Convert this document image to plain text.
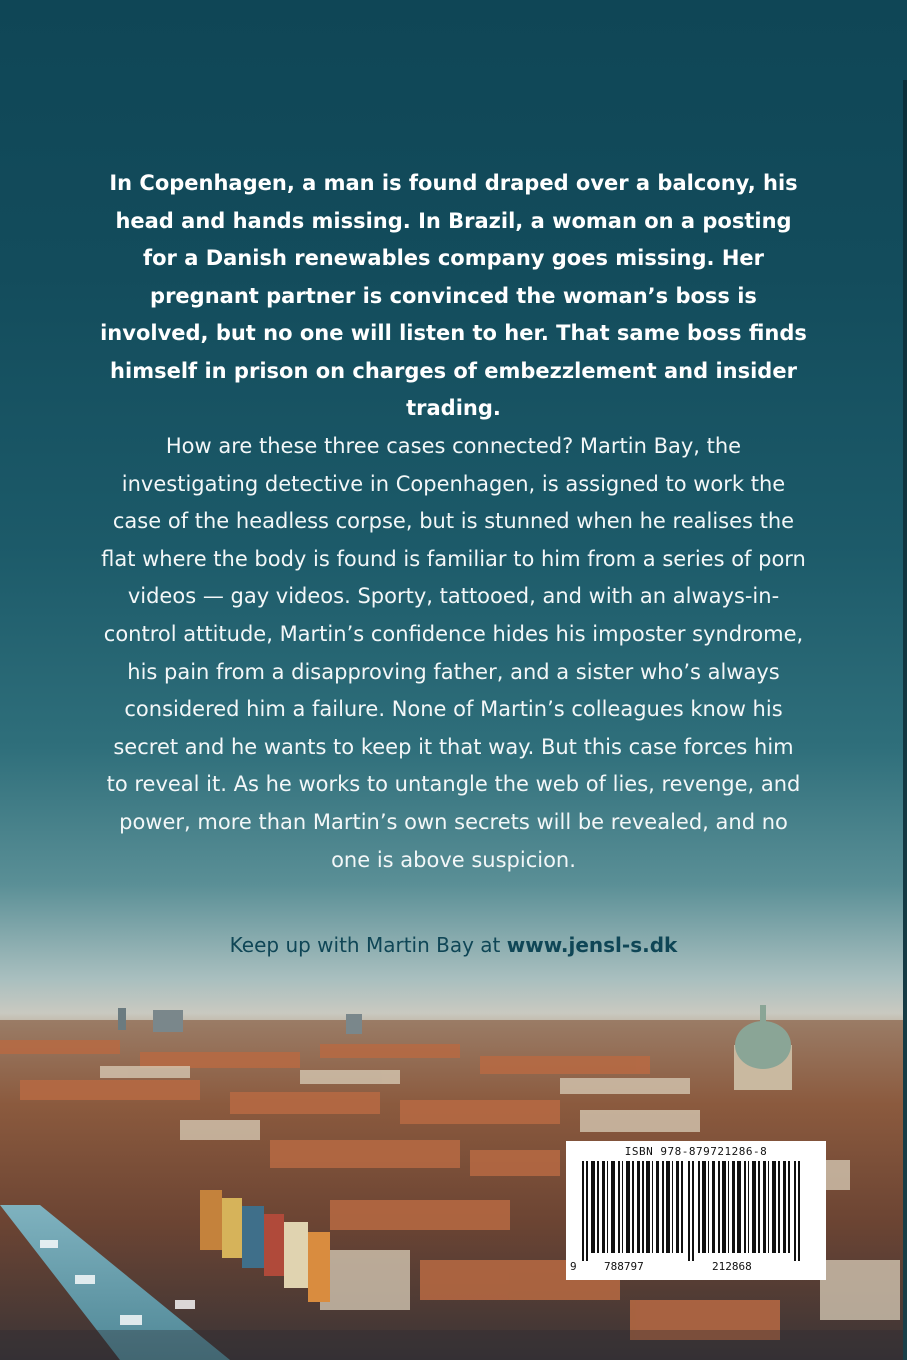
In Copenhagen, a man is found draped over a balcony, his head and hands missing. In Brazil, a woman on a posting for a Danish renewables company goes missing. Her pregnant partner is convinced the woman’s boss is involved, but no one will listen to her. That same boss finds himself in prison on charges of embezzlement and insider trading.

How are these three cases connected? Martin Bay, the investigating detective in Copenhagen, is assigned to work the case of the headless corpse, but is stunned when he realises the flat where the body is found is familiar to him from a series of porn videos — gay videos. Sporty, tattooed, and with an always-in-control attitude, Martin’s confidence hides his imposter syndrome, his pain from a disapproving father, and a sister who’s always considered him a failure. None of Martin’s colleagues know his secret and he wants to keep it that way. But this case forces him to reveal it. As he works to untangle the web of lies, revenge, and power, more than Martin’s own secrets will be revealed, and no one is above suspicion.

Keep up with Martin Bay at www.jensl-s.dk

ISBN 978-879721286-8
9 788797	212868
